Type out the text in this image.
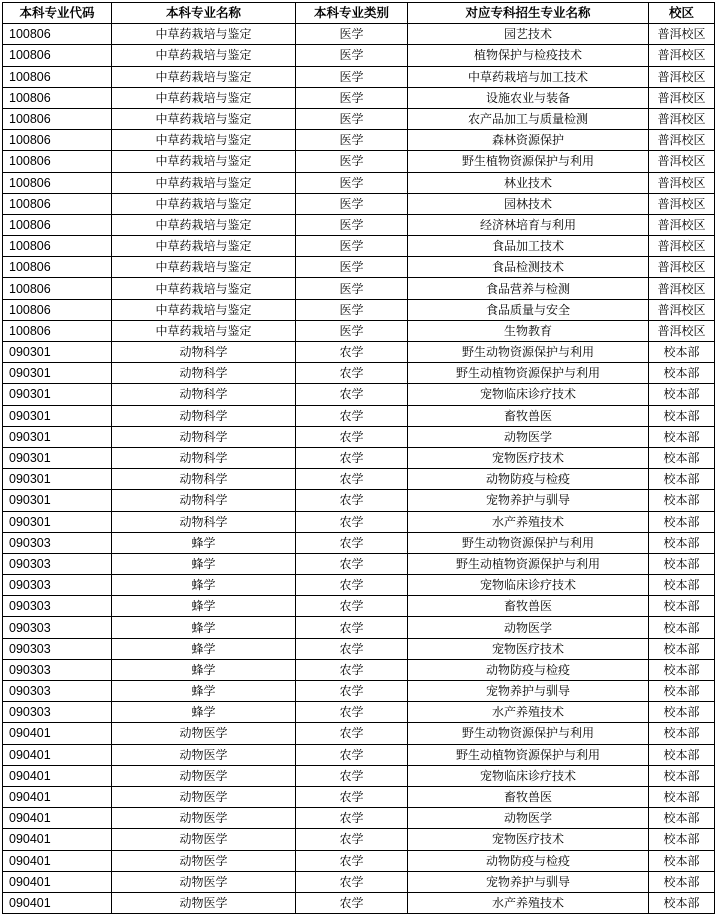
本科专业代码	本科专业名称	本科专业类别	对应专科招生专业名称	校区
100806	中草药栽培与鉴定	医学	园艺技术	普洱校区
100806	中草药栽培与鉴定	医学	植物保护与检疫技术	普洱校区
100806	中草药栽培与鉴定	医学	中草药栽培与加工技术	普洱校区
100806	中草药栽培与鉴定	医学	设施农业与装备	普洱校区
100806	中草药栽培与鉴定	医学	农产品加工与质量检测	普洱校区
100806	中草药栽培与鉴定	医学	森林资源保护	普洱校区
100806	中草药栽培与鉴定	医学	野生植物资源保护与利用	普洱校区
100806	中草药栽培与鉴定	医学	林业技术	普洱校区
100806	中草药栽培与鉴定	医学	园林技术	普洱校区
100806	中草药栽培与鉴定	医学	经济林培育与利用	普洱校区
100806	中草药栽培与鉴定	医学	食品加工技术	普洱校区
100806	中草药栽培与鉴定	医学	食品检测技术	普洱校区
100806	中草药栽培与鉴定	医学	食品营养与检测	普洱校区
100806	中草药栽培与鉴定	医学	食品质量与安全	普洱校区
100806	中草药栽培与鉴定	医学	生物教育	普洱校区
090301	动物科学	农学	野生动物资源保护与利用	校本部
090301	动物科学	农学	野生动植物资源保护与利用	校本部
090301	动物科学	农学	宠物临床诊疗技术	校本部
090301	动物科学	农学	畜牧兽医	校本部
090301	动物科学	农学	动物医学	校本部
090301	动物科学	农学	宠物医疗技术	校本部
090301	动物科学	农学	动物防疫与检疫	校本部
090301	动物科学	农学	宠物养护与驯导	校本部
090301	动物科学	农学	水产养殖技术	校本部
090303	蜂学	农学	野生动物资源保护与利用	校本部
090303	蜂学	农学	野生动植物资源保护与利用	校本部
090303	蜂学	农学	宠物临床诊疗技术	校本部
090303	蜂学	农学	畜牧兽医	校本部
090303	蜂学	农学	动物医学	校本部
090303	蜂学	农学	宠物医疗技术	校本部
090303	蜂学	农学	动物防疫与检疫	校本部
090303	蜂学	农学	宠物养护与驯导	校本部
090303	蜂学	农学	水产养殖技术	校本部
090401	动物医学	农学	野生动物资源保护与利用	校本部
090401	动物医学	农学	野生动植物资源保护与利用	校本部
090401	动物医学	农学	宠物临床诊疗技术	校本部
090401	动物医学	农学	畜牧兽医	校本部
090401	动物医学	农学	动物医学	校本部
090401	动物医学	农学	宠物医疗技术	校本部
090401	动物医学	农学	动物防疫与检疫	校本部
090401	动物医学	农学	宠物养护与驯导	校本部
090401	动物医学	农学	水产养殖技术	校本部
